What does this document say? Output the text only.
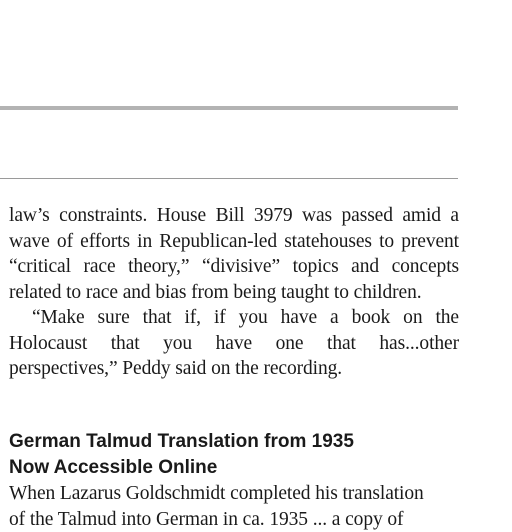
law’s constraints. House Bill 3979 was passed amid a wave of efforts in Republican-led statehouses to prevent “critical race theory,” “divisive” topics and concepts related to race and bias from being taught to children.

“Make sure that if, if you have a book on the Holocaust that you have one that has...other perspectives,” Peddy said on the recording.

German Talmud Translation from 1935
Now Accessible Online
When Lazarus Goldschmidt completed his translation
of the Talmud into German in ca. 1935 ... a copy of
